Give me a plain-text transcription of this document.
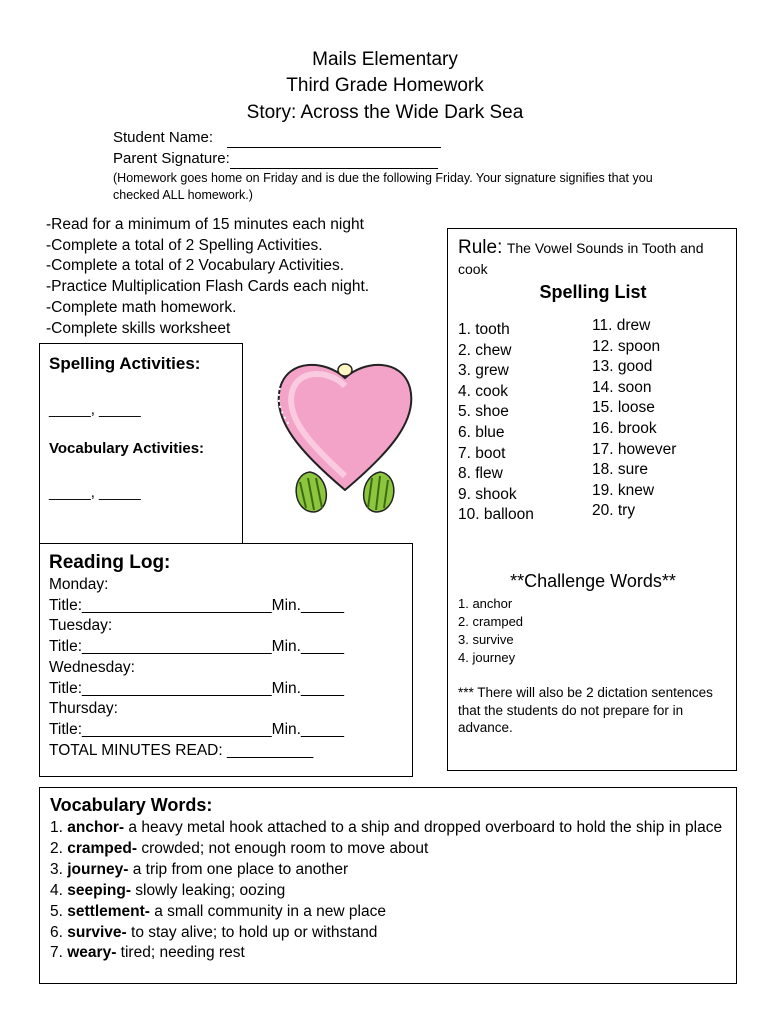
Mails Elementary
Third Grade Homework
Story: Across the Wide Dark Sea
Student Name:
Parent Signature:
(Homework goes home on Friday and is due the following Friday. Your signature signifies that you checked ALL homework.)
-Read for a minimum of 15 minutes each night
-Complete a total of 2 Spelling Activities.
-Complete a total of 2 Vocabulary Activities.
-Practice Multiplication Flash Cards each night.
-Complete math homework.
-Complete skills worksheet
Spelling Activities:
_____, _____
Vocabulary Activities:
_____, _____
Rule: The Vowel Sounds in Tooth and cook
Spelling List
1. tooth
2. chew
3. grew
4. cook
5. shoe
6. blue
7. boot
8. flew
9. shook
10. balloon
11. drew
12. spoon
13. good
14. soon
15. loose
16. brook
17. however
18. sure
19. knew
20. try
**Challenge Words**
1. anchor
2. cramped
3. survive
4. journey
*** There will also be 2 dictation sentences that the students do not prepare for in advance.
Reading Log:
Monday:
Title:______________________Min._____
Tuesday:
Title:______________________Min._____
Wednesday:
Title:______________________Min._____
Thursday:
Title:______________________Min._____
TOTAL MINUTES READ: __________
Vocabulary Words:
1. anchor- a heavy metal hook attached to a ship and dropped overboard to hold the ship in place
2. cramped- crowded; not enough room to move about
3. journey- a trip from one place to another
4. seeping- slowly leaking; oozing
5. settlement- a small community in a new place
6. survive- to stay alive; to hold up or withstand
7. weary- tired; needing rest
